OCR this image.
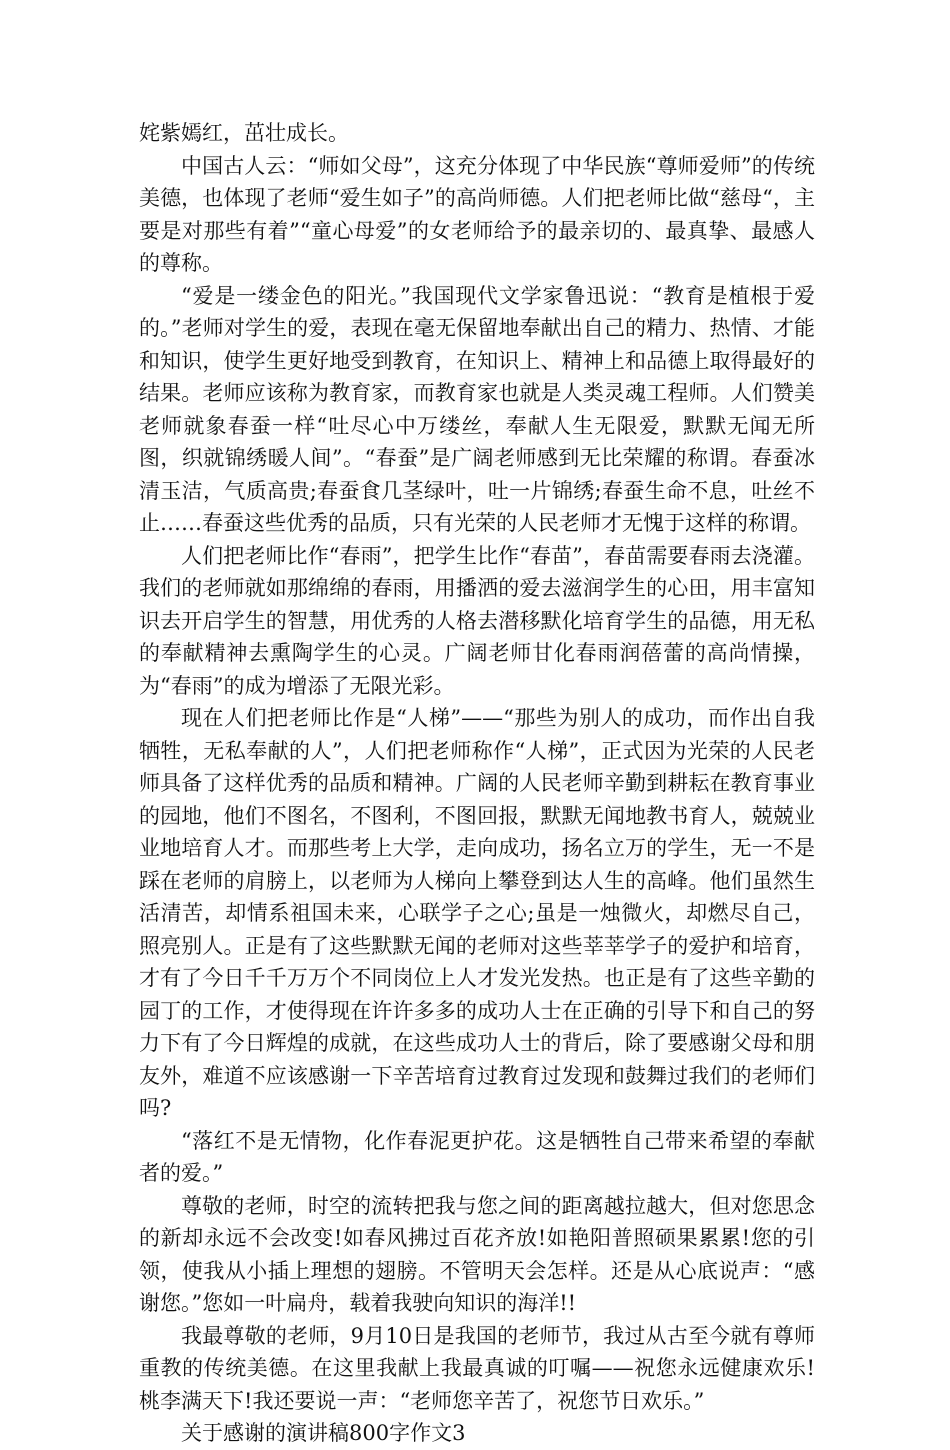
姹紫嫣红，茁壮成长。

中国古人云：“师如父母”，这充分体现了中华民族“尊师爱师”的传统美德，也体现了老师“爱生如子”的高尚师德。人们把老师比做“慈母“，主要是对那些有着”“童心母爱”的女老师给予的最亲切的、最真挚、最感人的尊称。

“爱是一缕金色的阳光。”我国现代文学家鲁迅说：“教育是植根于爱的。”老师对学生的爱，表现在毫无保留地奉献出自己的精力、热情、才能和知识，使学生更好地受到教育，在知识上、精神上和品德上取得最好的结果。老师应该称为教育家，而教育家也就是人类灵魂工程师。人们赞美老师就象春蚕一样“吐尽心中万缕丝，奉献人生无限爱，默默无闻无所图，织就锦绣暖人间”。“春蚕”是广阔老师感到无比荣耀的称谓。春蚕冰清玉洁，气质高贵;春蚕食几茎绿叶，吐一片锦绣;春蚕生命不息，吐丝不止……春蚕这些优秀的品质，只有光荣的人民老师才无愧于这样的称谓。

人们把老师比作“春雨”，把学生比作“春苗”，春苗需要春雨去浇灌。我们的老师就如那绵绵的春雨，用播洒的爱去滋润学生的心田，用丰富知识去开启学生的智慧，用优秀的人格去潜移默化培育学生的品德，用无私的奉献精神去熏陶学生的心灵。广阔老师甘化春雨润蓓蕾的高尚情操，为“春雨”的成为增添了无限光彩。

现在人们把老师比作是“人梯”——“那些为别人的成功，而作出自我牺牲，无私奉献的人”，人们把老师称作“人梯”，正式因为光荣的人民老师具备了这样优秀的品质和精神。广阔的人民老师辛勤到耕耘在教育事业的园地，他们不图名，不图利，不图回报，默默无闻地教书育人，兢兢业业地培育人才。而那些考上大学，走向成功，扬名立万的学生，无一不是踩在老师的肩膀上，以老师为人梯向上攀登到达人生的高峰。他们虽然生活清苦，却情系祖国未来，心联学子之心;虽是一烛微火，却燃尽自己，照亮别人。正是有了这些默默无闻的老师对这些莘莘学子的爱护和培育，才有了今日千千万万个不同岗位上人才发光发热。也正是有了这些辛勤的园丁的工作，才使得现在许许多多的成功人士在正确的引导下和自己的努力下有了今日辉煌的成就，在这些成功人士的背后，除了要感谢父母和朋友外，难道不应该感谢一下辛苦培育过教育过发现和鼓舞过我们的老师们吗?

“落红不是无情物，化作春泥更护花。这是牺牲自己带来希望的奉献者的爱。”

尊敬的老师，时空的流转把我与您之间的距离越拉越大，但对您思念的新却永远不会改变!如春风拂过百花齐放!如艳阳普照硕果累累!您的引领，使我从小插上理想的翅膀。不管明天会怎样。还是从心底说声：“感谢您。”您如一叶扁舟，载着我驶向知识的海洋!!

我最尊敬的老师，9月10日是我国的老师节，我过从古至今就有尊师重教的传统美德。在这里我献上我最真诚的叮嘱——祝您永远健康欢乐!桃李满天下!我还要说一声：“老师您辛苦了，祝您节日欢乐。”

关于感谢的演讲稿800字作文3
